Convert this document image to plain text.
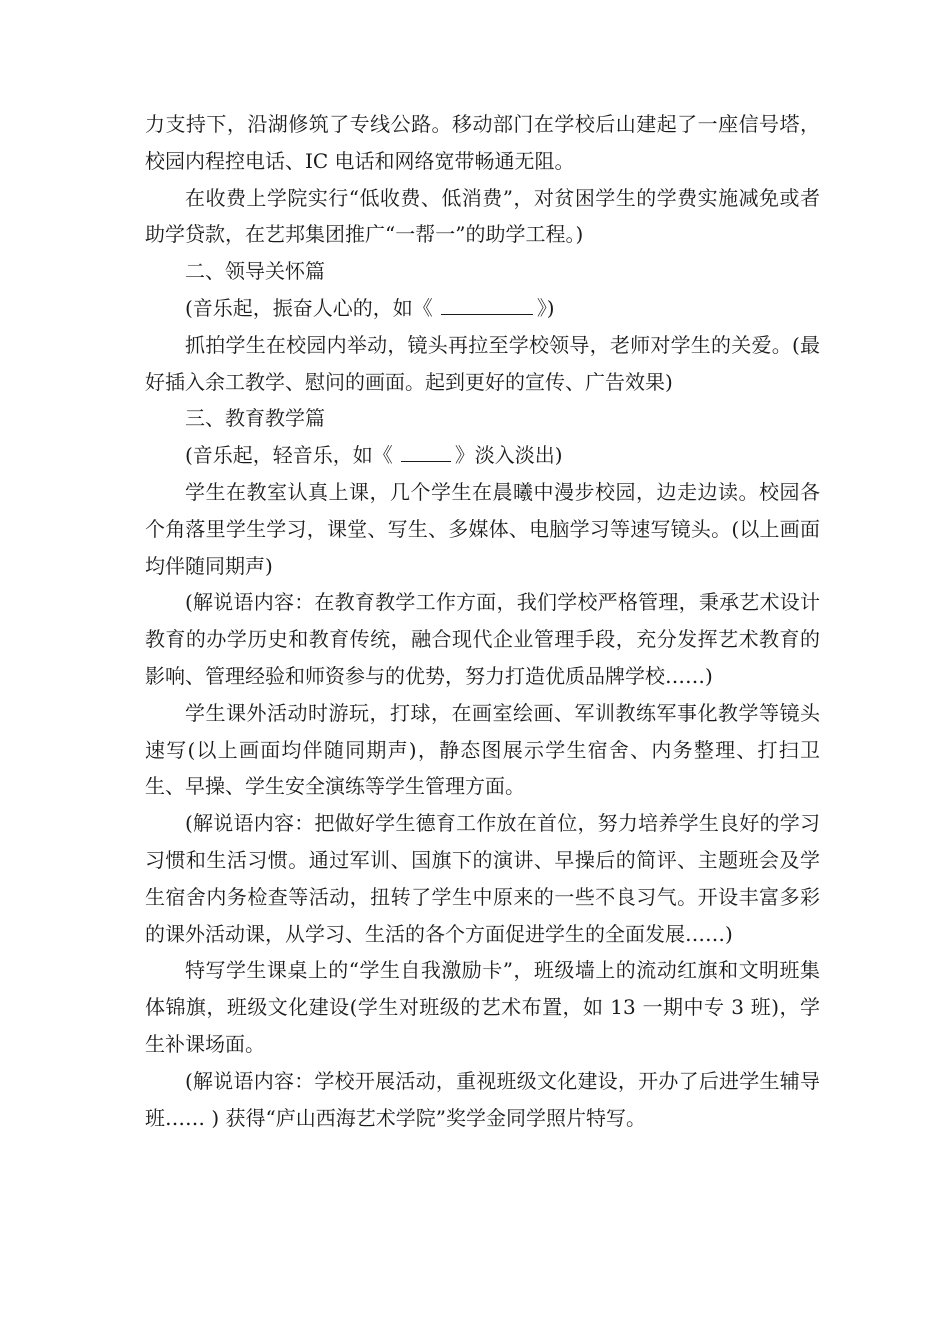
力支持下，沿湖修筑了专线公路。移动部门在学校后山建起了一座信号塔，校园内程控电话、IC 电话和网络宽带畅通无阻。

在收费上学院实行“低收费、低消费”，对贫困学生的学费实施减免或者助学贷款，在艺邦集团推广“一帮一”的助学工程。)

二、领导关怀篇

(音乐起，振奋人心的，如《	》)

抓拍学生在校园内举动，镜头再拉至学校领导，老师对学生的关爱。(最好插入余工教学、慰问的画面。起到更好的宣传、广告效果)

三、教育教学篇

(音乐起，轻音乐，如《	》淡入淡出)

学生在教室认真上课，几个学生在晨曦中漫步校园，边走边读。校园各个角落里学生学习，课堂、写生、多媒体、电脑学习等速写镜头。(以上画面均伴随同期声)

(解说语内容：在教育教学工作方面，我们学校严格管理，秉承艺术设计教育的办学历史和教育传统，融合现代企业管理手段，充分发挥艺术教育的影响、管理经验和师资参与的优势，努力打造优质品牌学校……)

学生课外活动时游玩，打球，在画室绘画、军训教练军事化教学等镜头速写(以上画面均伴随同期声)，静态图展示学生宿舍、内务整理、打扫卫生、早操、学生安全演练等学生管理方面。

(解说语内容：把做好学生德育工作放在首位，努力培养学生良好的学习习惯和生活习惯。通过军训、国旗下的演讲、早操后的简评、主题班会及学生宿舍内务检查等活动，扭转了学生中原来的一些不良习气。开设丰富多彩的课外活动课，从学习、生活的各个方面促进学生的全面发展……)

特写学生课桌上的“学生自我激励卡”，班级墙上的流动红旗和文明班集体锦旗，班级文化建设(学生对班级的艺术布置，如 13 一期中专 3 班)，学生补课场面。

(解说语内容：学校开展活动，重视班级文化建设，开办了后进学生辅导班…… ) 获得“庐山西海艺术学院”奖学金同学照片特写。
